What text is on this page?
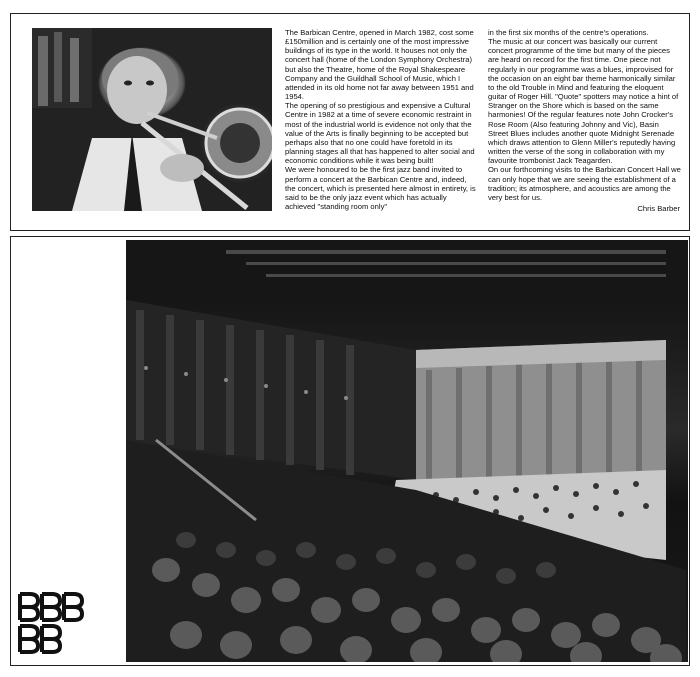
The Barbican Centre, opened in March 1982, cost some £150million and is certainly one of the most impressive buildings of its type in the world. It houses not only the concert hall (home of the London Symphony Orchestra) but also the Theatre, home of the Royal Shakespeare Company and the Guildhall School of Music, which I attended in its old home not far away between 1951 and 1954.

The opening of so prestigious and expensive a Cultural Centre in 1982 at a time of severe economic restraint in most of the industrial world is evidence not only that the value of the Arts is finally beginning to be accepted but perhaps also that no one could have foretold in its planning stages all that has happened to alter social and economic conditions while it was being built!

We were honoured to be the first jazz band invited to perform a concert at the Barbican Centre and, indeed, the concert, which is presented here almost in entirety, is said to be the only jazz event which has actually achieved "standing room only"

in the first six months of the centre's operations.

The music at our concert was basically our current concert programme of the time but many of the pieces are heard on record for the first time. One piece not regularly in our programme was a blues, improvised for the occasion on an eight bar theme harmonically similar to the old Trouble in Mind and featuring the eloquent guitar of Roger Hill. "Quote" spotters may notice a hint of Stranger on the Shore which is based on the same harmonies! Of the regular features note John Crocker's Rose Room (Also featuring Johnny and Vic), Basin Street Blues includes another quote Midnight Serenade which draws attention to Glenn Miller's reputedly having written the verse of the song in collaboration with my favourite trombonist Jack Teagarden.

On our forthcoming visits to the Barbican Concert Hall we can only hope that we are seeing the establishment of a tradition; its atmosphere, and acoustics are among the very best for us.

Chris Barber
